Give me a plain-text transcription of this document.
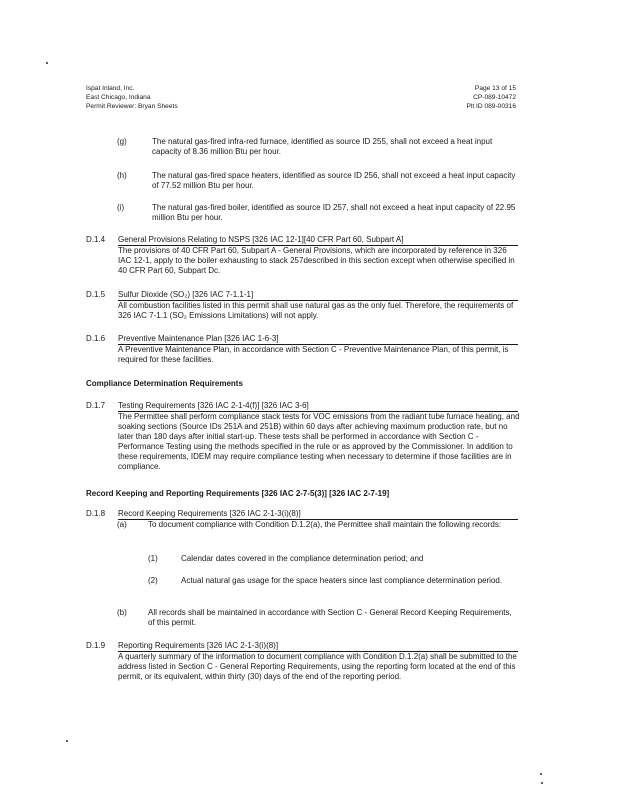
Ispat Inland, Inc.
East Chicago, Indiana
Permit Reviewer: Bryan Sheets
Page 13 of 15
CP-089-10472
Plt ID 089-00316
(g)	The natural gas-fired infra-red furnace, identified as source ID 255, shall not exceed a heat input capacity of 8.36 million Btu per hour.
(h)	The natural gas-fired space heaters, identified as source ID 256, shall not exceed a heat input capacity of 77.52 million Btu per hour.
(i)	The natural gas-fired boiler, identified as source ID 257, shall not exceed a heat input capacity of 22.95 million Btu per hour.
D.1.4 General Provisions Relating to NSPS [326 IAC 12-1][40 CFR Part 60, Subpart A]
The provisions of 40 CFR Part 60, Subpart A - General Provisions, which are incorporated by reference in 326 IAC 12-1, apply to the boiler exhausting to stack 257described in this section except when otherwise specified in 40 CFR Part 60, Subpart Dc.
D.1.5 Sulfur Dioxide (SO₂) [326 IAC 7-1.1-1]
All combustion facilities listed in this permit shall use natural gas as the only fuel. Therefore, the requirements of 326 IAC 7-1.1 (SO₂ Emissions Limitations) will not apply.
D.1.6 Preventive Maintenance Plan [326 IAC 1-6-3]
A Preventive Maintenance Plan, in accordance with Section C - Preventive Maintenance Plan, of this permit, is required for these facilities.
Compliance Determination Requirements
D.1.7 Testing Requirements [326 IAC 2-1-4(f)] [326 IAC 3-6]
The Permittee shall perform compliance stack tests for VOC emissions from the radiant tube furnace heating, and soaking sections (Source IDs 251A and 251B) within 60 days after achieving maximum production rate, but no later than 180 days after initial start-up. These tests shall be performed in accordance with Section C - Performance Testing using the methods specified in the rule or as approved by the Commissioner. In addition to these requirements, IDEM may require compliance testing when necessary to determine if those facilities are in compliance.
Record Keeping and Reporting Requirements [326 IAC 2-7-5(3)] [326 IAC 2-7-19]
D.1.8 Record Keeping Requirements [326 IAC 2-1-3(i)(8)]
(a)	To document compliance with Condition D.1.2(a), the Permittee shall maintain the following records:
(1)	Calendar dates covered in the compliance determination period; and
(2)	Actual natural gas usage for the space heaters since last compliance determination period.
(b)	All records shall be maintained in accordance with Section C - General Record Keeping Requirements, of this permit.
D.1.9 Reporting Requirements [326 IAC 2-1-3(i)(8)]
A quarterly summary of the information to document compliance with Condition D.1.2(a) shall be submitted to the address listed in Section C - General Reporting Requirements, using the reporting form located at the end of this permit, or its equivalent, within thirty (30) days of the end of the reporting period.
